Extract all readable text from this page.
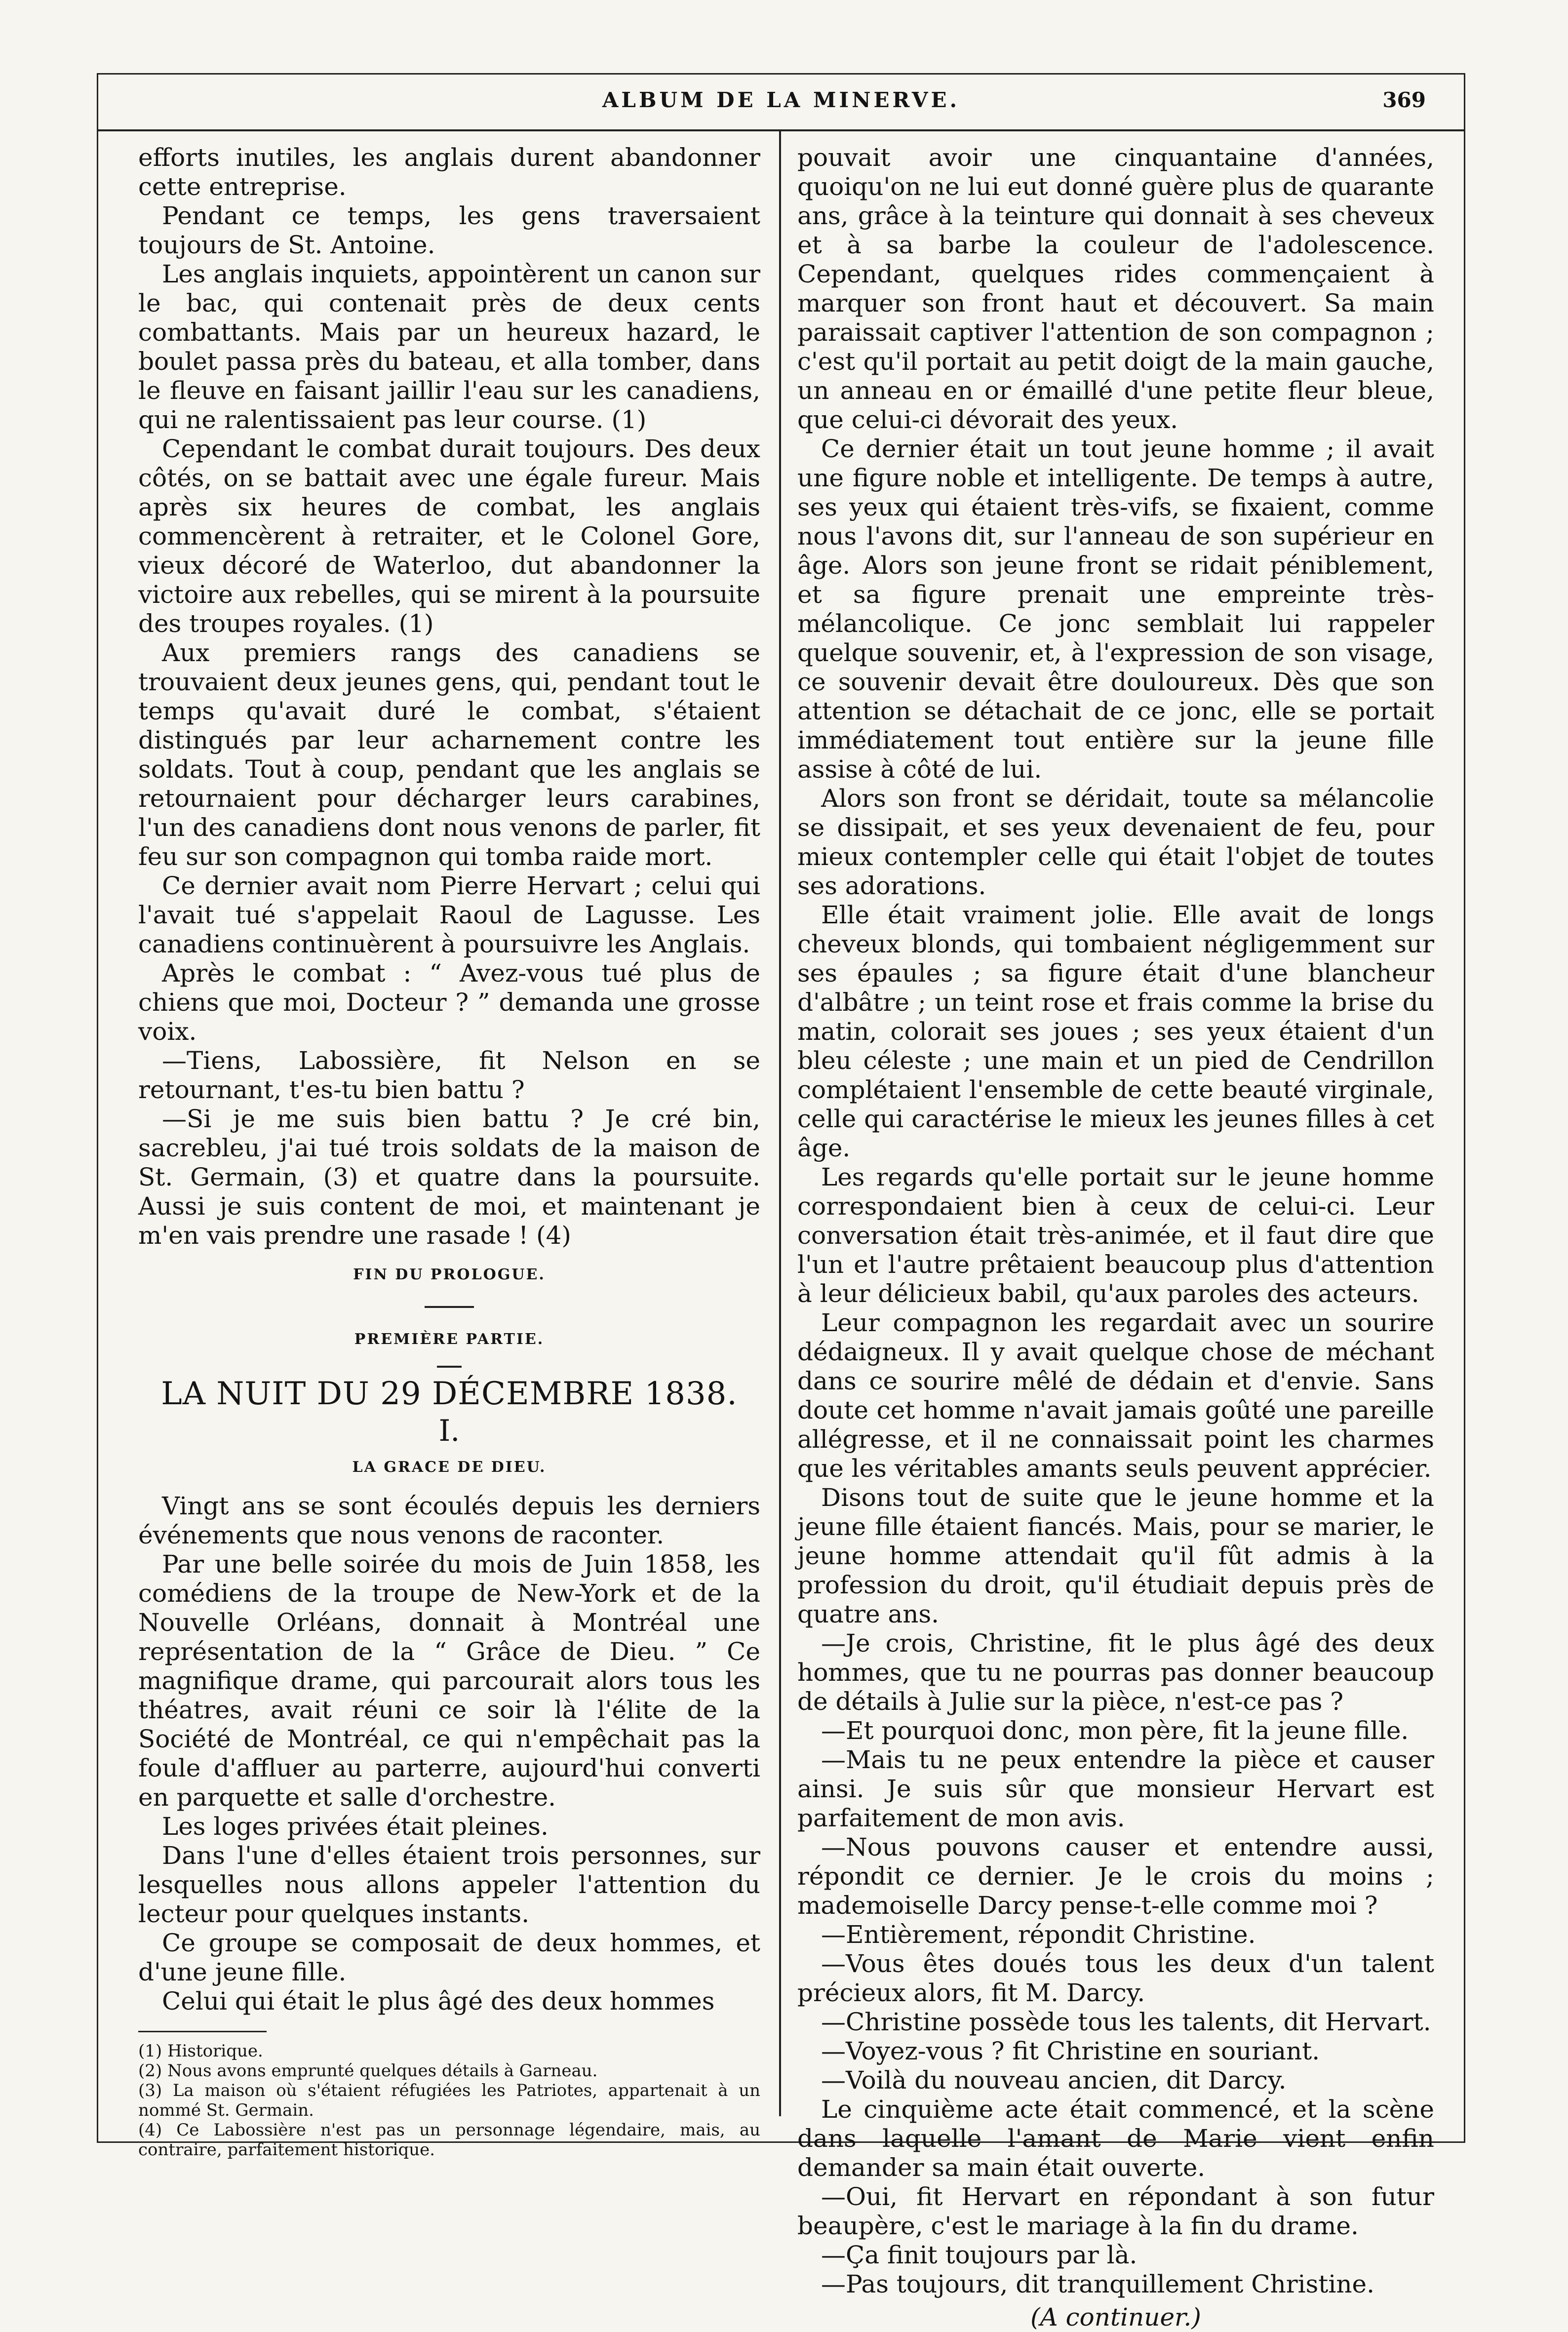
ALBUM DE LA MINERVE.	369

efforts inutiles, les anglais durent abandonner cette entreprise.

Pendant ce temps, les gens traversaient toujours de St. Antoine.

Les anglais inquiets, appointèrent un canon sur le bac, qui contenait près de deux cents combattants. Mais par un heureux hazard, le boulet passa près du bateau, et alla tomber, dans le fleuve en faisant jaillir l'eau sur les canadiens, qui ne ralentissaient pas leur course. (1)

Cependant le combat durait toujours. Des deux côtés, on se battait avec une égale fureur. Mais après six heures de combat, les anglais commencèrent à retraiter, et le Colonel Gore, vieux décoré de Waterloo, dut abandonner la victoire aux rebelles, qui se mirent à la poursuite des troupes royales. (1)

Aux premiers rangs des canadiens se trouvaient deux jeunes gens, qui, pendant tout le temps qu'avait duré le combat, s'étaient distingués par leur acharnement contre les soldats. Tout à coup, pendant que les anglais se retournaient pour décharger leurs carabines, l'un des canadiens dont nous venons de parler, fit feu sur son compagnon qui tomba raide mort.

Ce dernier avait nom Pierre Hervart ; celui qui l'avait tué s'appelait Raoul de Lagusse. Les canadiens continuèrent à poursuivre les Anglais.

Après le combat : “ Avez-vous tué plus de chiens que moi, Docteur ? ” demanda une grosse voix.

—Tiens, Labossière, fit Nelson en se retournant, t'es-tu bien battu ?

—Si je me suis bien battu ? Je cré bin, sacrebleu, j'ai tué trois soldats de la maison de St. Germain, (3) et quatre dans la poursuite. Aussi je suis content de moi, et maintenant je m'en vais prendre une rasade ! (4)

FIN DU PROLOGUE.
PREMIÈRE PARTIE.
LA NUIT DU 29 DÉCEMBRE 1838.
I.
LA GRACE DE DIEU.

Vingt ans se sont écoulés depuis les derniers événements que nous venons de raconter.

Par une belle soirée du mois de Juin 1858, les comédiens de la troupe de New-York et de la Nouvelle Orléans, donnait à Montréal une représentation de la “ Grâce de Dieu. ” Ce magnifique drame, qui parcourait alors tous les théatres, avait réuni ce soir là l'élite de la Société de Montréal, ce qui n'empêchait pas la foule d'affluer au parterre, aujourd'hui converti en parquette et salle d'orchestre.

Les loges privées était pleines.

Dans l'une d'elles étaient trois personnes, sur lesquelles nous allons appeler l'attention du lecteur pour quelques instants.

Ce groupe se composait de deux hommes, et d'une jeune fille.

Celui qui était le plus âgé des deux hommes

(1) Historique.

(2) Nous avons emprunté quelques détails à Garneau.

(3) La maison où s'étaient réfugiées les Patriotes, appartenait à un nommé St. Germain.

(4) Ce Labossière n'est pas un personnage légendaire, mais, au contraire, parfaitement historique.

pouvait avoir une cinquantaine d'années, quoiqu'on ne lui eut donné guère plus de quarante ans, grâce à la teinture qui donnait à ses cheveux et à sa barbe la couleur de l'adolescence. Cependant, quelques rides commençaient à marquer son front haut et découvert. Sa main paraissait captiver l'attention de son compagnon ; c'est qu'il portait au petit doigt de la main gauche, un anneau en or émaillé d'une petite fleur bleue, que celui-ci dévorait des yeux.

Ce dernier était un tout jeune homme ; il avait une figure noble et intelligente. De temps à autre, ses yeux qui étaient très-vifs, se fixaient, comme nous l'avons dit, sur l'anneau de son supérieur en âge. Alors son jeune front se ridait péniblement, et sa figure prenait une empreinte très-mélancolique. Ce jonc semblait lui rappeler quelque souvenir, et, à l'expression de son visage, ce souvenir devait être douloureux. Dès que son attention se détachait de ce jonc, elle se portait immédiatement tout entière sur la jeune fille assise à côté de lui.

Alors son front se déridait, toute sa mélancolie se dissipait, et ses yeux devenaient de feu, pour mieux contempler celle qui était l'objet de toutes ses adorations.

Elle était vraiment jolie. Elle avait de longs cheveux blonds, qui tombaient négligemment sur ses épaules ; sa figure était d'une blancheur d'albâtre ; un teint rose et frais comme la brise du matin, colorait ses joues ; ses yeux étaient d'un bleu céleste ; une main et un pied de Cendrillon complétaient l'ensemble de cette beauté virginale, celle qui caractérise le mieux les jeunes filles à cet âge.

Les regards qu'elle portait sur le jeune homme correspondaient bien à ceux de celui-ci. Leur conversation était très-animée, et il faut dire que l'un et l'autre prêtaient beaucoup plus d'attention à leur délicieux babil, qu'aux paroles des acteurs.

Leur compagnon les regardait avec un sourire dédaigneux. Il y avait quelque chose de méchant dans ce sourire mêlé de dédain et d'envie. Sans doute cet homme n'avait jamais goûté une pareille allégresse, et il ne connaissait point les charmes que les véritables amants seuls peuvent apprécier.

Disons tout de suite que le jeune homme et la jeune fille étaient fiancés. Mais, pour se marier, le jeune homme attendait qu'il fût admis à la profession du droit, qu'il étudiait depuis près de quatre ans.

—Je crois, Christine, fit le plus âgé des deux hommes, que tu ne pourras pas donner beaucoup de détails à Julie sur la pièce, n'est-ce pas ?

—Et pourquoi donc, mon père, fit la jeune fille.

—Mais tu ne peux entendre la pièce et causer ainsi. Je suis sûr que monsieur Hervart est parfaitement de mon avis.

—Nous pouvons causer et entendre aussi, répondit ce dernier. Je le crois du moins ; mademoiselle Darcy pense-t-elle comme moi ?

—Entièrement, répondit Christine.

—Vous êtes doués tous les deux d'un talent précieux alors, fit M. Darcy.

—Christine possède tous les talents, dit Hervart.

—Voyez-vous ? fit Christine en souriant.

—Voilà du nouveau ancien, dit Darcy.

Le cinquième acte était commencé, et la scène dans laquelle l'amant de Marie vient enfin demander sa main était ouverte.

—Oui, fit Hervart en répondant à son futur beaupère, c'est le mariage à la fin du drame.

—Ça finit toujours par là.

—Pas toujours, dit tranquillement Christine.

(A continuer.)
